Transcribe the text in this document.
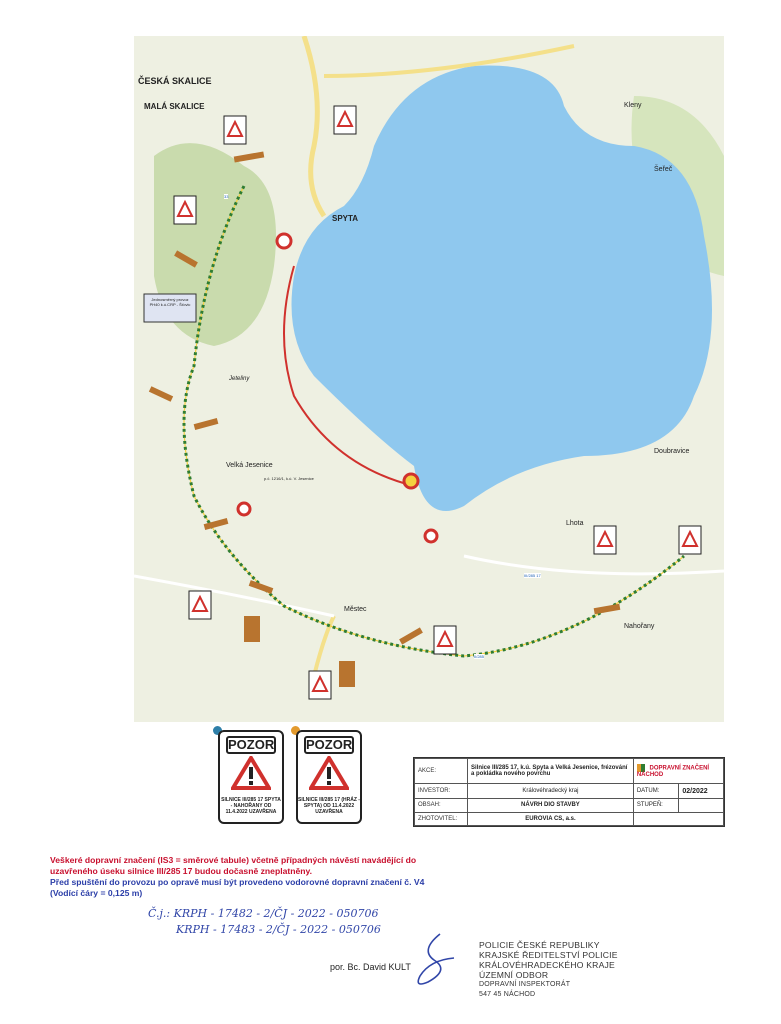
ČESKÁ SKALICE
MALÁ SKALICE
SPYTA
Kleny
Šeřeč
Velká Jesenice
Doubravice
Lhota
Městec
Nahořany
Jeteliny
p.č. 1216/1, k.ú. V. Jesenice
III/285 17
II/285
33
Jednosměrný provoz PH40 k.ú.CRP - Šťovic
POZOR
SILNICE III/285 17 SPYTA - NAHOŘANY OD 11.4.2022 UZAVŘENA
POZOR
SILNICE III/285 17 (HRÁZ - SPYTA) OD 11.4.2022 UZAVŘENA
AKCE:	Silnice III/285 17, k.ú. Spyta a Velká Jesenice, frézování a pokládka nového povrchu	DOPRAVNÍ ZNAČENÍ NÁCHOD	
INVESTOR:	Královéhradecký kraj	DATUM:	02/2022
OBSAH:	NÁVRH DIO STAVBY	STUPEŇ:	
ZHOTOVITEL:	EUROVIA CS, a.s.		
Veškeré dopravní značení (IS3 = směrové tabule) včetně případných návěstí navádějící do
uzavřeného úseku silnice III/285 17 budou dočasně zneplatněny.
Před spuštění do provozu po opravě musí být provedeno vodorovné dopravní značení č. V4
(Vodící čáry = 0,125 m)
Č.j.: KRPH - 17482 - 2/ČJ - 2022 - 050706
KRPH - 17483 - 2/ČJ - 2022 - 050706
por. Bc. David KULT
POLICIE ČESKÉ REPUBLIKY
KRAJSKÉ ŘEDITELSTVÍ POLICIE
KRÁLOVÉHRADECKÉHO KRAJE
ÚZEMNÍ ODBOR
DOPRAVNÍ INSPEKTORÁT
547 45 NÁCHOD
